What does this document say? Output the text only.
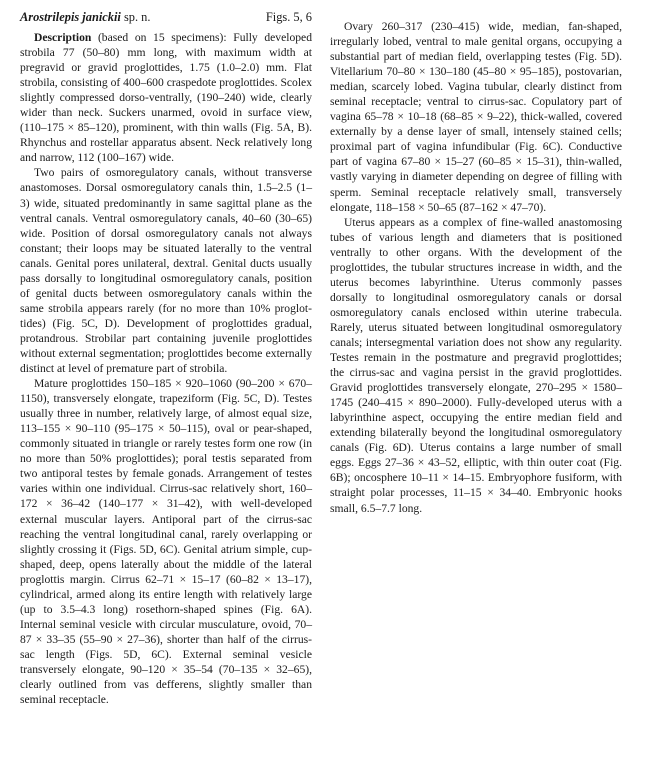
Arostrilepis janickii sp. n.	Figs. 5, 6

Description (based on 15 specimens): Fully developed strobila 77 (50–80) mm long, with maximum width at pregravid or gravid proglottides, 1.75 (1.0–2.0) mm. Flat strobila, consisting of 400–600 craspedote proglottides. Scolex slightly compressed dorso-ventrally, (190–240) wide, clearly wider than neck. Suckers unarmed, ovoid in surface view, (110–175 × 85–120), prominent, with thin walls (Fig. 5A, B). Rhynchus and rostellar apparatus absent. Neck relatively long and narrow, 112 (100–167) wide.

Two pairs of osmoregulatory canals, without transverse anastomoses. Dorsal osmoregulatory canals thin, 1.5–2.5 (1–3) wide, situated predominantly in same sagittal plane as the ventral canals. Ventral osmoregulatory canals, 40–60 (30–65) wide. Position of dorsal osmoregulatory canals not always constant; their loops may be situated laterally to the ventral canals. Genital pores unilateral, dextral. Genital ducts usually pass dorsally to longitudinal osmoregulatory canals, position of genital ducts between osmoregulatory canals within the same strobila appears rarely (for no more than 10% proglottides) (Fig. 5C, D). Development of proglottides gradual, protandrous. Strobilar part containing juvenile proglottides without external segmentation; proglottides become externally distinct at level of premature part of strobila.

Mature proglottides 150–185 × 920–1060 (90–200 × 670–1150), transversely elongate, trapeziform (Fig. 5C, D). Testes usually three in number, relatively large, of almost equal size, 113–155 × 90–110 (95–175 × 50–115), oval or pear-shaped, commonly situated in triangle or rarely testes form one row (in no more than 50% proglottides); poral testis separated from two antiporal testes by female gonads. Arrangement of testes varies within one individual. Cirrus-sac relatively short, 160–172 × 36–42 (140–177 × 31–42), with well-developed external muscular layers. Antiporal part of the cirrus-sac reaching the ventral longitudinal canal, rarely overlapping or slightly crossing it (Figs. 5D, 6C). Genital atrium simple, cup-shaped, deep, opens laterally about the middle of the lateral proglottis margin. Cirrus 62–71 × 15–17 (60–82 × 13–17), cylindrical, armed along its entire length with relatively large (up to 3.5–4.3 long) rosethorn-shaped spines (Fig. 6A). Internal seminal vesicle with circular musculature, ovoid, 70–87 × 33–35 (55–90 × 27–36), shorter than half of the cirrus-sac length (Figs. 5D, 6C). External seminal vesicle transversely elongate, 90–120 × 35–54 (70–135 × 32–65), clearly outlined from vas defferens, slightly smaller than seminal receptacle.

Ovary 260–317 (230–415) wide, median, fan-shaped, irregularly lobed, ventral to male genital organs, occupying a substantial part of median field, overlapping testes (Fig. 5D). Vitellarium 70–80 × 130–180 (45–80 × 95–185), postovarian, median, scarcely lobed. Vagina tubular, clearly distinct from seminal receptacle; ventral to cirrus-sac. Copulatory part of vagina 65–78 × 10–18 (68–85 × 9–22), thick-walled, covered externally by a dense layer of small, intensely stained cells; proximal part of vagina infundibular (Fig. 6C). Conductive part of vagina 67–80 × 15–27 (60–85 × 15–31), thin-walled, vastly varying in diameter depending on degree of filling with sperm. Seminal receptacle relatively small, transversely elongate, 118–158 × 50–65 (87–162 × 47–70).

Uterus appears as a complex of fine-walled anastomosing tubes of various length and diameters that is positioned ventrally to other organs. With the development of the proglottides, the tubular structures increase in width, and the uterus becomes labyrinthine. Uterus commonly passes dorsally to longitudinal osmoregulatory canals or dorsal osmoregulatory canals enclosed within uterine trabecula. Rarely, uterus situated between longitudinal osmoregulatory canals; intersegmental variation does not show any regularity. Testes remain in the postmature and pregravid proglottides; the cirrus-sac and vagina persist in the gravid proglottides. Gravid proglottides transversely elongate, 270–295 × 1580–1745 (240–415 × 890–2000). Fully-developed uterus with a labyrinthine aspect, occupying the entire median field and extending bilaterally beyond the longitudinal osmoregulatory canals (Fig. 6D). Uterus contains a large number of small eggs. Eggs 27–36 × 43–52, elliptic, with thin outer coat (Fig. 6B); oncosphere 10–11 × 14–15. Embryophore fusiform, with straight polar processes, 11–15 × 34–40. Embryonic hooks small, 6.5–7.7 long.
